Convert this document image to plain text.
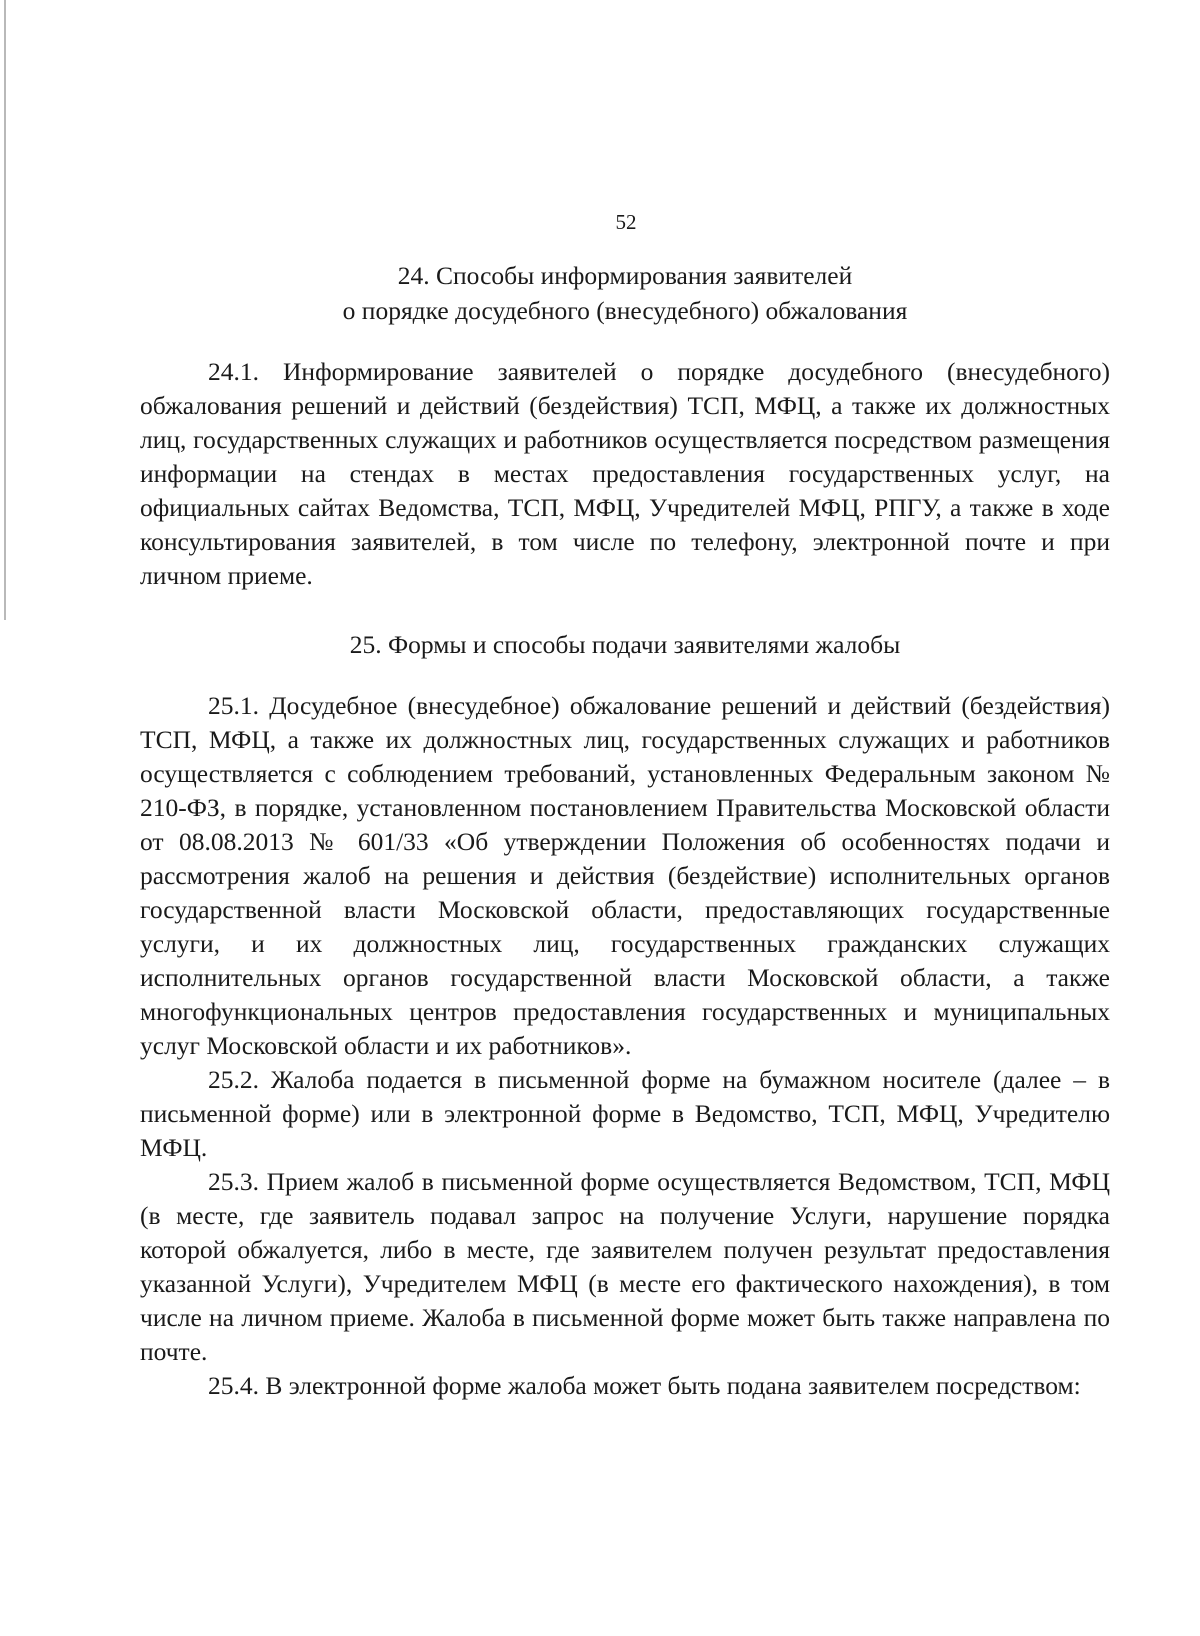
52
24. Способы информирования заявителей
о порядке досудебного (внесудебного) обжалования

24.1. Информирование заявителей о порядке досудебного (внесудебного) обжалования решений и действий (бездействия) ТСП, МФЦ, а также их должностных лиц, государственных служащих и работников осуществляется посредством размещения информации на стендах в местах предоставления государственных услуг, на официальных сайтах Ведомства, ТСП, МФЦ, Учредителей МФЦ, РПГУ, а также в ходе консультирования заявителей, в том числе по телефону, электронной почте и при личном приеме.

25. Формы и способы подачи заявителями жалобы

25.1. Досудебное (внесудебное) обжалование решений и действий (бездействия) ТСП, МФЦ, а также их должностных лиц, государственных служащих и работников осуществляется с соблюдением требований, установленных Федеральным законом № 210-ФЗ, в порядке, установленном постановлением Правительства Московской области от 08.08.2013 № 601/33 «Об утверждении Положения об особенностях подачи и рассмотрения жалоб на решения и действия (бездействие) исполнительных органов государственной власти Московской области, предоставляющих государственные услуги, и их должностных лиц, государственных гражданских служащих исполнительных органов государственной власти Московской области, а также многофункциональных центров предоставления государственных и муниципальных услуг Московской области и их работников».

25.2. Жалоба подается в письменной форме на бумажном носителе (далее – в письменной форме) или в электронной форме в Ведомство, ТСП, МФЦ, Учредителю МФЦ.

25.3. Прием жалоб в письменной форме осуществляется Ведомством, ТСП, МФЦ (в месте, где заявитель подавал запрос на получение Услуги, нарушение порядка которой обжалуется, либо в месте, где заявителем получен результат предоставления указанной Услуги), Учредителем МФЦ (в месте его фактического нахождения), в том числе на личном приеме. Жалоба в письменной форме может быть также направлена по почте.

25.4. В электронной форме жалоба может быть подана заявителем посредством:
